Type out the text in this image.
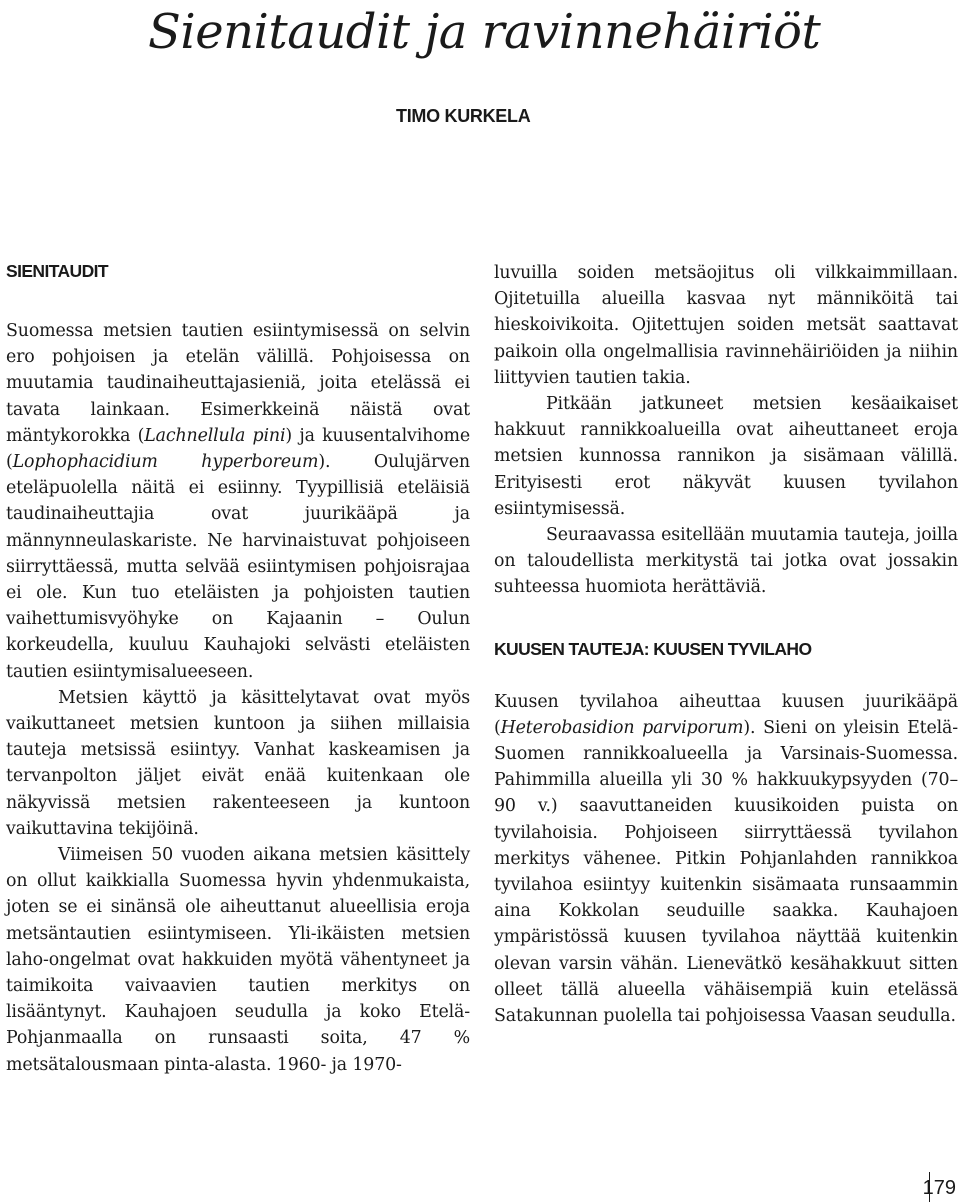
Sienitaudit ja ravinnehäiriöt
TIMO KURKELA
SIENITAUDIT

Suomessa metsien tautien esiintymisessä on selvin ero pohjoisen ja etelän välillä. Pohjoisessa on muutamia taudinaiheuttajasieniä, joita etelässä ei tavata lainkaan. Esimerkkeinä näistä ovat mäntykorokka (Lachnellula pini) ja kuusentalvihome (Lophophacidium hyperboreum). Oulujärven eteläpuolella näitä ei esiinny. Tyypillisiä eteläisiä taudinaiheuttajia ovat juurikääpä ja männynneulaskariste. Ne harvinaistuvat pohjoiseen siirryttäessä, mutta selvää esiintymisen pohjoisrajaa ei ole. Kun tuo eteläisten ja pohjoisten tautien vaihettumisvyöhyke on Kajaanin – Oulun korkeudella, kuuluu Kauhajoki selvästi eteläisten tautien esiintymisalueeseen.

Metsien käyttö ja käsittelytavat ovat myös vaikuttaneet metsien kuntoon ja siihen millaisia tauteja metsissä esiintyy. Vanhat kaskeamisen ja tervanpolton jäljet eivät enää kuitenkaan ole näkyvissä metsien rakenteeseen ja kuntoon vaikuttavina tekijöinä.

Viimeisen 50 vuoden aikana metsien käsittely on ollut kaikkialla Suomessa hyvin yhdenmukaista, joten se ei sinänsä ole aiheuttanut alueellisia eroja metsäntautien esiintymiseen. Yli-ikäisten metsien laho-ongelmat ovat hakkuiden myötä vähentyneet ja taimikoita vaivaavien tautien merkitys on lisääntynyt. Kauhajoen seudulla ja koko Etelä-Pohjanmaalla on runsaasti soita, 47 % metsätalousmaan pinta-alasta. 1960- ja 1970-

luvuilla soiden metsäojitus oli vilkkaimmillaan. Ojitetuilla alueilla kasvaa nyt männiköitä tai hieskoivikoita. Ojitettujen soiden metsät saattavat paikoin olla ongelmallisia ravinnehäiriöiden ja niihin liittyvien tautien takia.

Pitkään jatkuneet metsien kesäaikaiset hakkuut rannikkoalueilla ovat aiheuttaneet eroja metsien kunnossa rannikon ja sisämaan välillä. Erityisesti erot näkyvät kuusen tyvilahon esiintymisessä.

Seuraavassa esitellään muutamia tauteja, joilla on taloudellista merkitystä tai jotka ovat jossakin suhteessa huomiota herättäviä.

KUUSEN TAUTEJA: KUUSEN TYVILAHO

Kuusen tyvilahoa aiheuttaa kuusen juurikääpä (Heterobasidion parviporum). Sieni on yleisin Etelä-Suomen rannikkoalueella ja Varsinais-Suomessa. Pahimmilla alueilla yli 30 % hakkuukypsyyden (70–90 v.) saavuttaneiden kuusikoiden puista on tyvilahoisia. Pohjoiseen siirryttäessä tyvilahon merkitys vähenee. Pitkin Pohjanlahden rannikkoa tyvilahoa esiintyy kuitenkin sisämaata runsaammin aina Kokkolan seuduille saakka. Kauhajoen ympäristössä kuusen tyvilahoa näyttää kuitenkin olevan varsin vähän. Lienevätkö kesähakkuut sitten olleet tällä alueella vähäisempiä kuin etelässä Satakunnan puolella tai pohjoisessa Vaasan seudulla.

179
